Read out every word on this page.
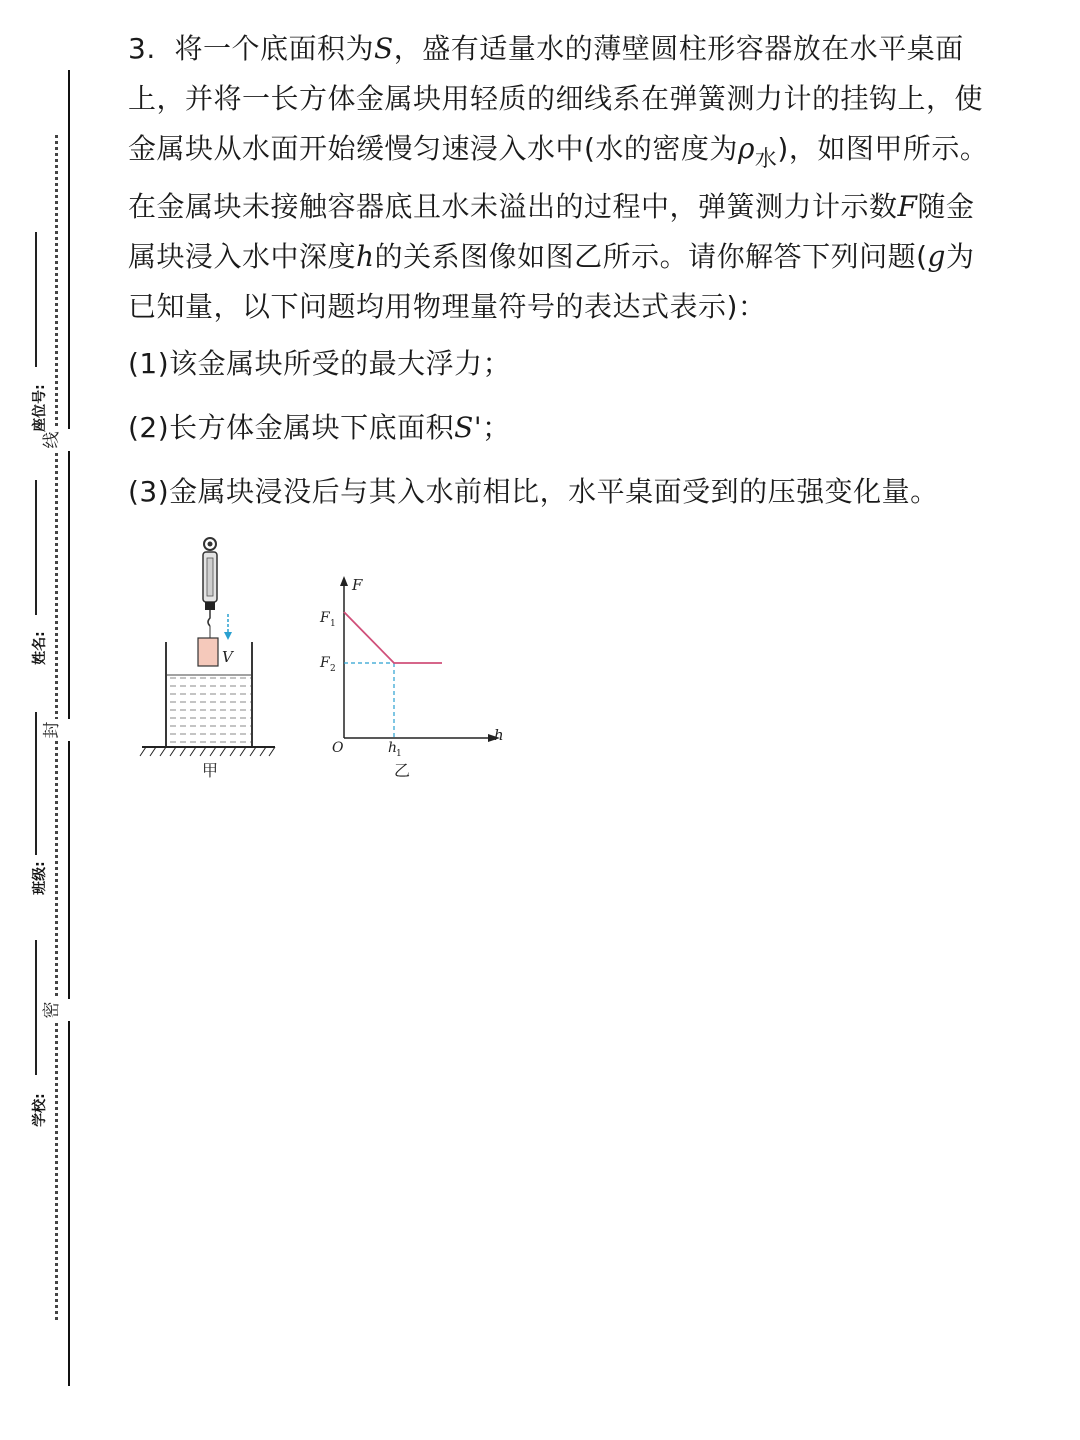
线
封
密
座位号:
姓名:
班级:
学校:
3. 将一个底面积为S，盛有适量水的薄壁圆柱形容器放在水平桌面
上，并将一长方体金属块用轻质的细线系在弹簧测力计的挂钩上，使
金属块从水面开始缓慢匀速浸入水中(水的密度为$\rho_水$)，如图甲所示。
在金属块未接触容器底且水未溢出的过程中，弹簧测力计示数F随金
属块浸入水中深度h的关系图像如图乙所示。请你解答下列问题(g为
已知量，以下问题均用物理量符号的表达式表示)：
(1)该金属块所受的最大浮力；
(2)长方体金属块下底面积S'；
(3)金属块浸没后与其入水前相比，水平桌面受到的压强变化量。
V
甲
F
h
O
F 1
F 2
h
1
乙
